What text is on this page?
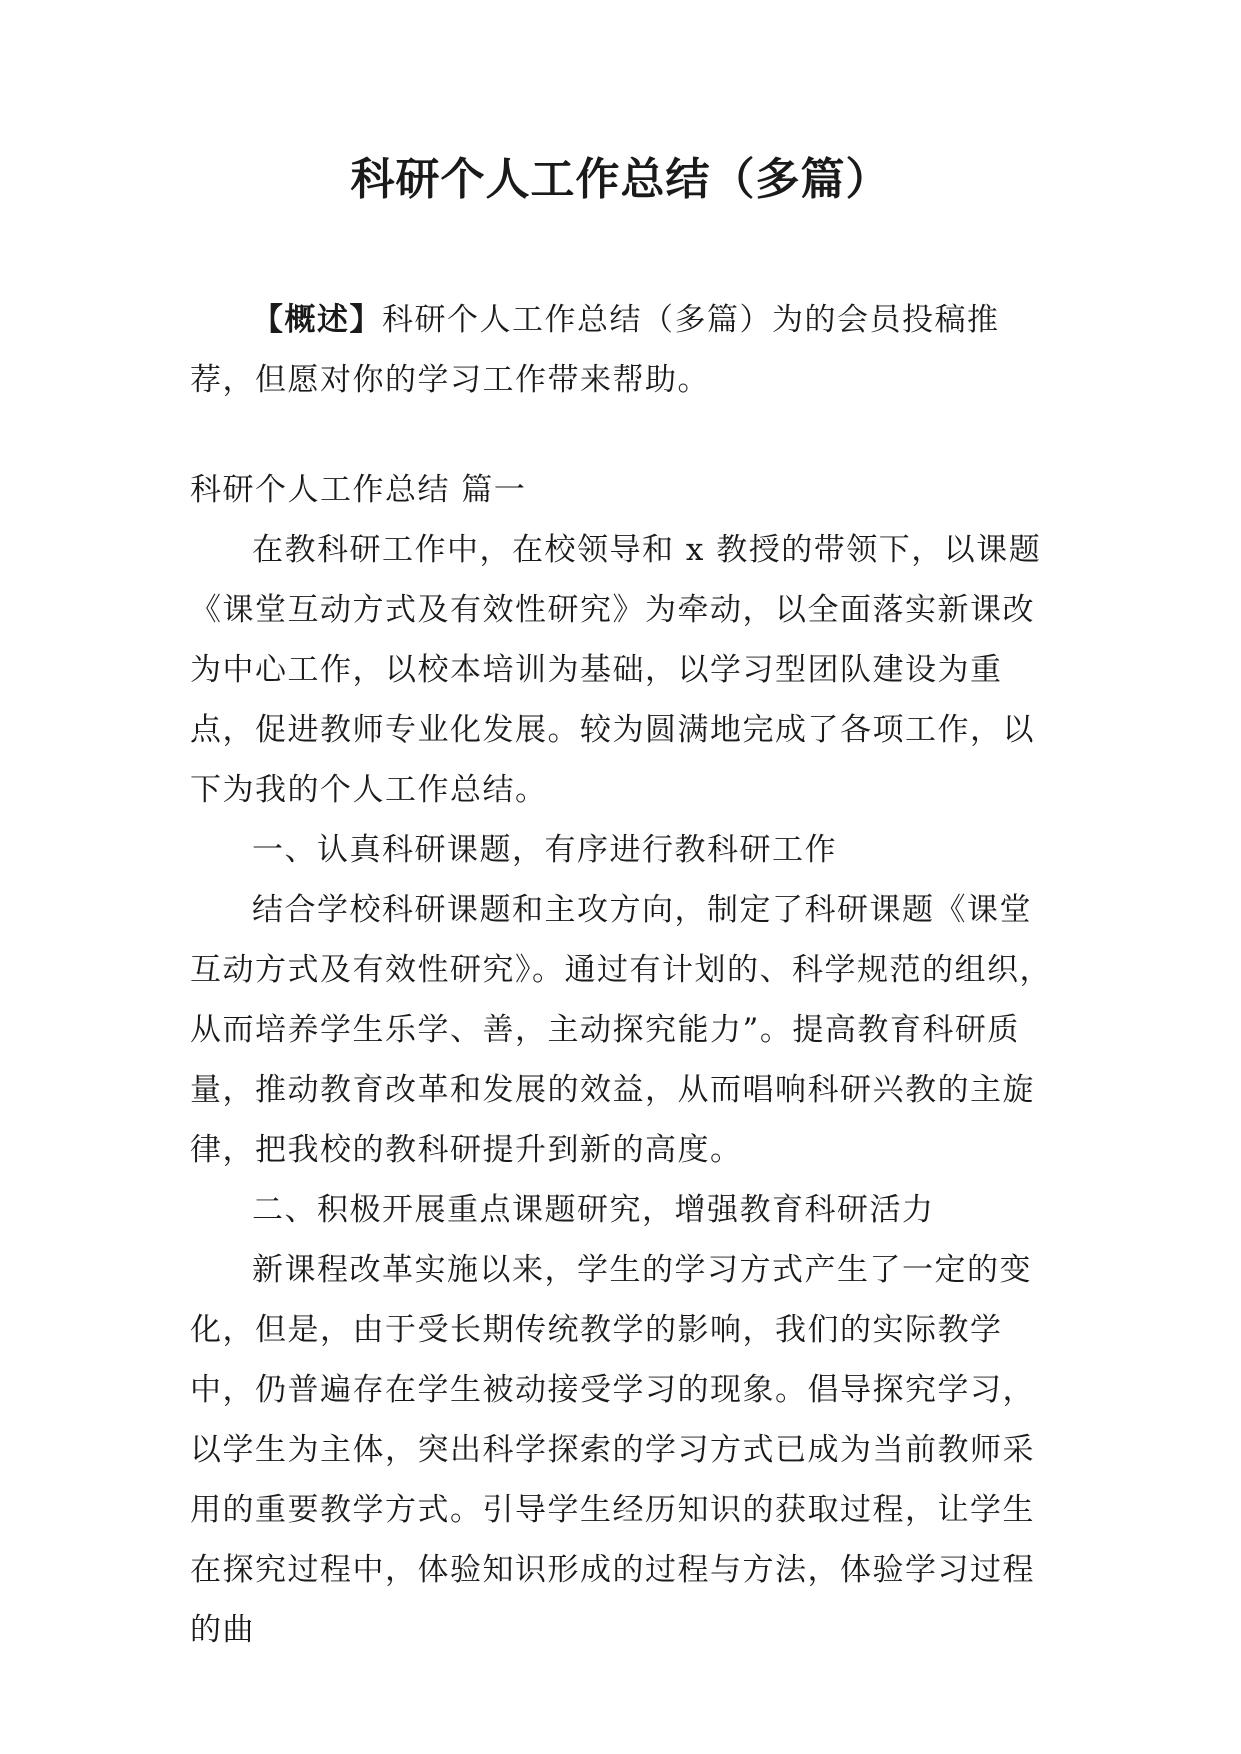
科研个人工作总结（多篇）

【概述】科研个人工作总结（多篇）为的会员投稿推荐，但愿对你的学习工作带来帮助。

科研个人工作总结 篇一

在教科研工作中，在校领导和 x 教授的带领下，以课题《课堂互动方式及有效性研究》为牵动，以全面落实新课改为中心工作，以校本培训为基础，以学习型团队建设为重点，促进教师专业化发展。较为圆满地完成了各项工作，以下为我的个人工作总结。

一、认真科研课题，有序进行教科研工作

结合学校科研课题和主攻方向，制定了科研课题《课堂互动方式及有效性研究》。通过有计划的、科学规范的组织，从而培养学生乐学、善，主动探究能力”。提高教育科研质量，推动教育改革和发展的效益，从而唱响科研兴教的主旋律，把我校的教科研提升到新的高度。

二、积极开展重点课题研究，增强教育科研活力

新课程改革实施以来，学生的学习方式产生了一定的变化，但是，由于受长期传统教学的影响，我们的实际教学中，仍普遍存在学生被动接受学习的现象。倡导探究学习，以学生为主体，突出科学探索的学习方式已成为当前教师采用的重要教学方式。引导学生经历知识的获取过程，让学生在探究过程中，体验知识形成的过程与方法，体验学习过程的曲
